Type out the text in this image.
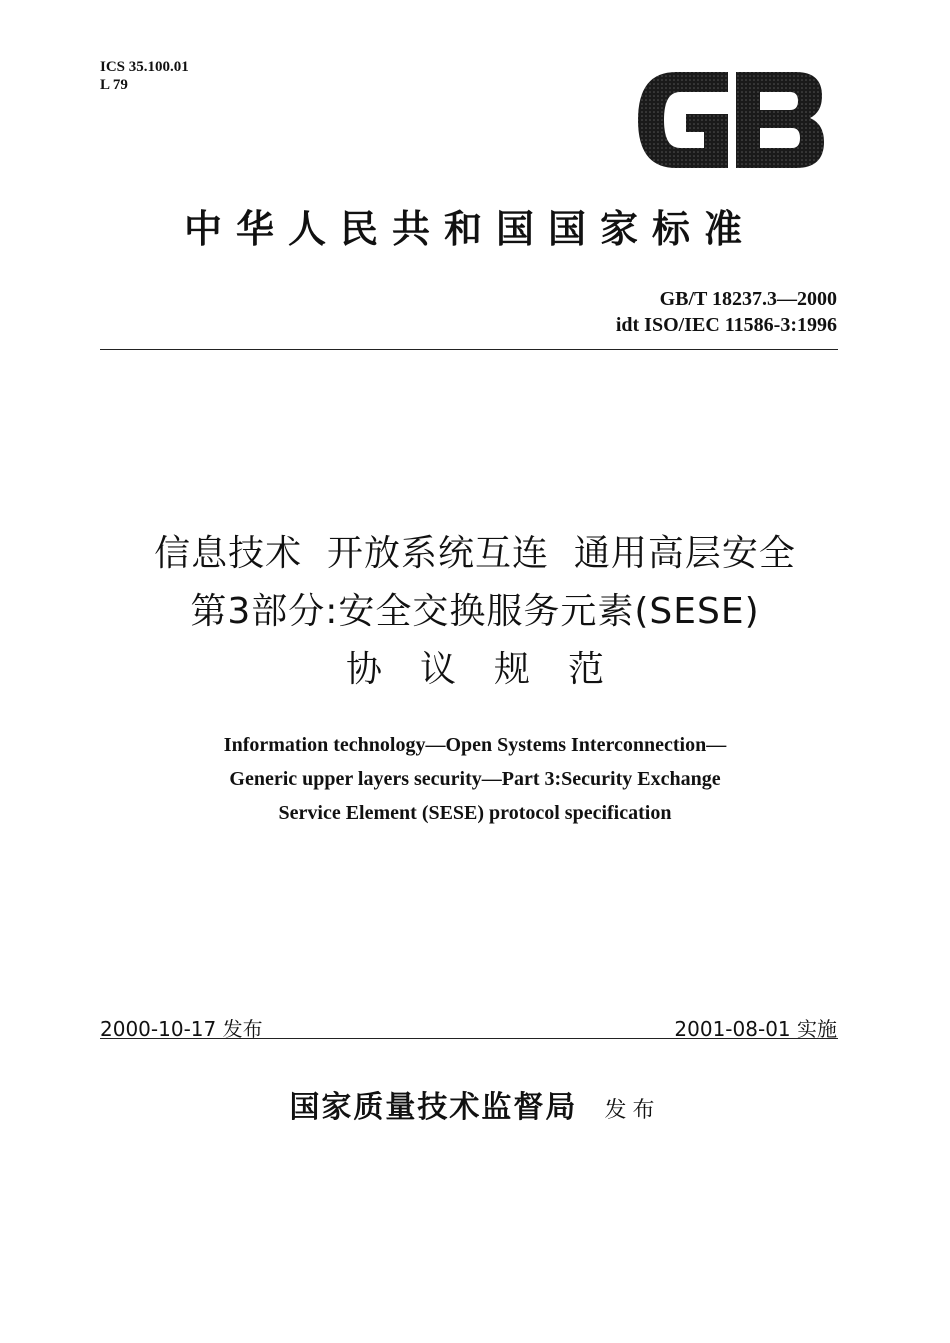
ICS 35.100.01
L 79
中华人民共和国国家标准
GB/T 18237.3—2000
idt ISO/IEC 11586-3:1996
信息技术  开放系统互连  通用高层安全
第3部分:安全交换服务元素(SESE)
协议规范
Information technology—Open Systems Interconnection—
Generic upper layers security—Part 3:Security Exchange
Service Element (SESE) protocol specification
2000-10-17 发布	2001-08-01 实施
国家质量技术监督局 发布
